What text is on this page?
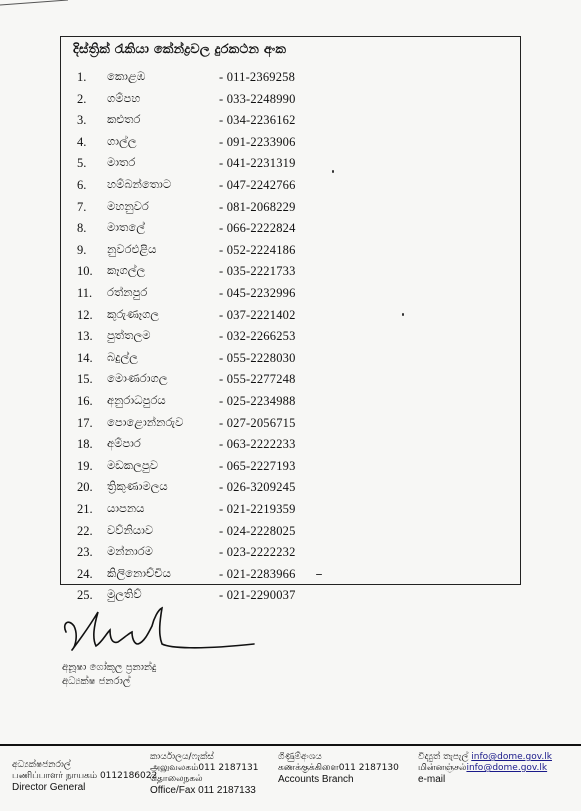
දිස්ත්‍රික් රැකියා කේන්ද්‍රවල දුරකථන අංක
1.	කොළඹ	- 011-2369258
2.	ගම්පහ	- 033-2248990
3.	කළුතර	- 034-2236162
4.	ගාල්ල	- 091-2233906
5.	මාතර	- 041-2231319
6.	හම්බන්තොට	- 047-2242766
7.	මහනුවර	- 081-2068229
8.	මාතලේ	- 066-2222824
9.	නුවරඑළිය	- 052-2224186
10.	කෑගල්ල	- 035-2221733
11.	රත්නපුර	- 045-2232996
12.	කුරුණෑගල	- 037-2221402
13.	පුත්තලම	- 032-2266253
14.	බදුල්ල	- 055-2228030
15.	මොණරාගල	- 055-2277248
16.	අනුරාධපුරය	- 025-2234988
17.	පොළොන්නරුව	- 027-2056715
18.	අම්පාර	- 063-2222233
19.	මඩකලපුව	- 065-2227193
20.	ත්‍රිකුණාමලය	- 026-3209245
21.	යාපනය	- 021-2219359
22.	වව්නියාව	- 024-2228025
23.	මන්නාරම	- 023-2222232
24.	කිලිනොච්චිය	- 021-2283966
25.	මුලතිව්	- 021-2290037
අනූෂා ගෝකුල ප්‍රනාන්දු
අධ්‍යක්ෂ ජනරාල්
අධ්‍යක්ෂජනරාල්
பணிப்பாளர் நாயகம் 0112186022
Director General
කාර්යාලය/ෆැක්ස්
அலுவலகம்011 2187131
தொலைநகல்
Office/Fax 011 2187133
ගිණුම්අංශය
கணக்குக்கிளை011 2187130
Accounts Branch
විද්‍යුත් තැපැල් info@dome.gov.lk
மின்னஞ்சல்info@dome.gov.lk
e-mail
